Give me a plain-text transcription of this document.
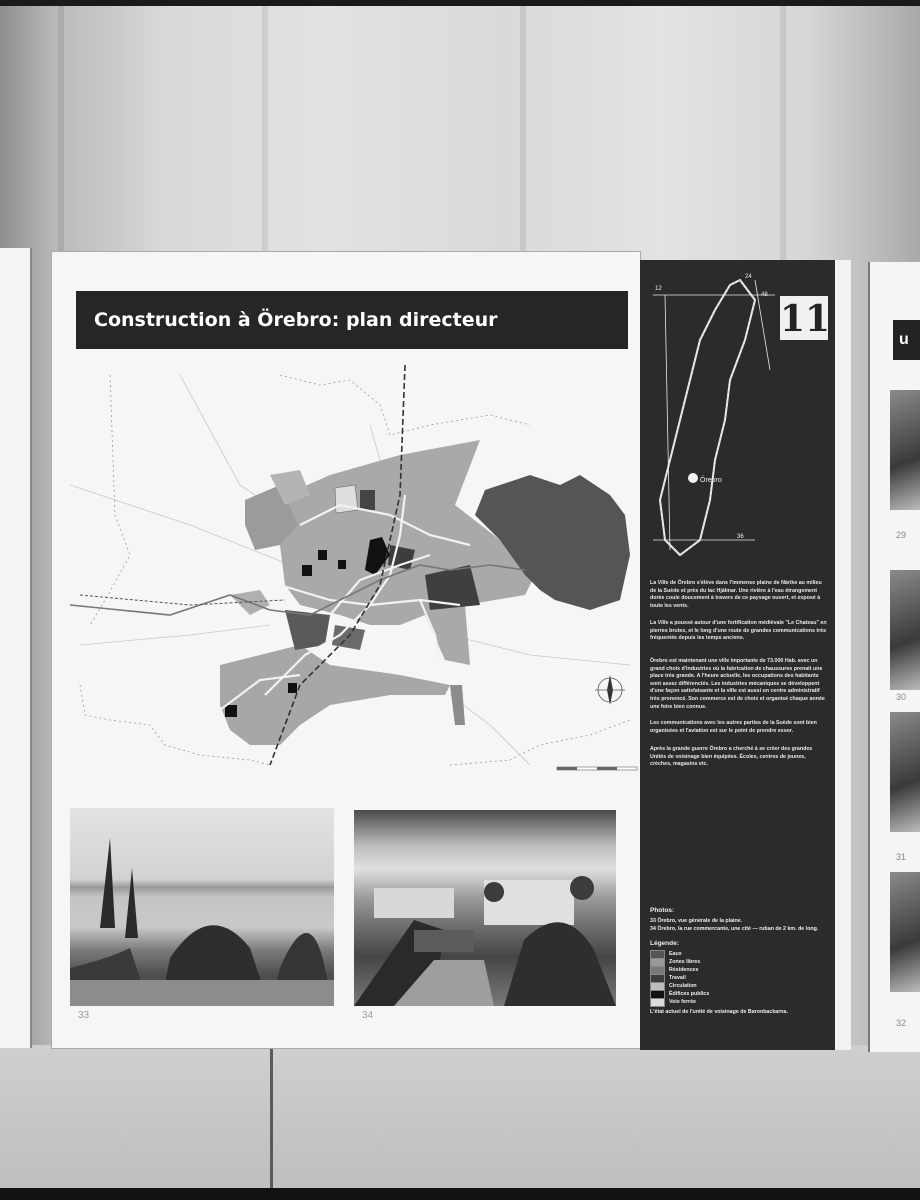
u
29
30
31
32
Construction à Örebro: plan directeur
33	34
Örebro
12
24
48
36
11
La Ville de Örebro s'élève dans l'immense plaine de Närike au milieu de la Suède et près du lac Hjälmar. Une rivière à l'eau étrangement dorée coule doucement à travers de ce paysage ouvert, et exposé à toute les vents.
La Ville a poussé autour d'une fortification médiévale "Le Chateau" en pierres brutes, et le long d'une route de grandes communications très fréquentée depuis les temps anciens.
Örebro est maintenant une ville importante de 73.000 Hab. avec un grand choix d'industries où la fabrication de chaussures prenait une place très grande. A l'heure actuelle, les occupations des habitants sont assez différenciés. Les industries mécaniques se développent d'une façon satisfaisante et la ville est aussi un centre administratif très prononcé. Son commerce est de choix et organisé chaque année une foire bien connue.
Les communications avec les autres parties de la Suède sont bien organisées et l'aviation est sur le point de prendre essor.
Après la grande guerre Örebro a cherché à se créer des grandes Unités de voisinage bien équipées. Écoles, centres de jeunes, crèches, magasins etc.
Photos:
33 Örebro, vue générale de la plaine.
34 Örebro, la rue commercante, une cité — ruban de 2 km. de long.
Légende:
Eaux
Zones libres
Résidences
Travail
Circulation
Édifices publics
Voie ferrée
L'état actuel de l'unité de voisinage de Baronbackarna.
